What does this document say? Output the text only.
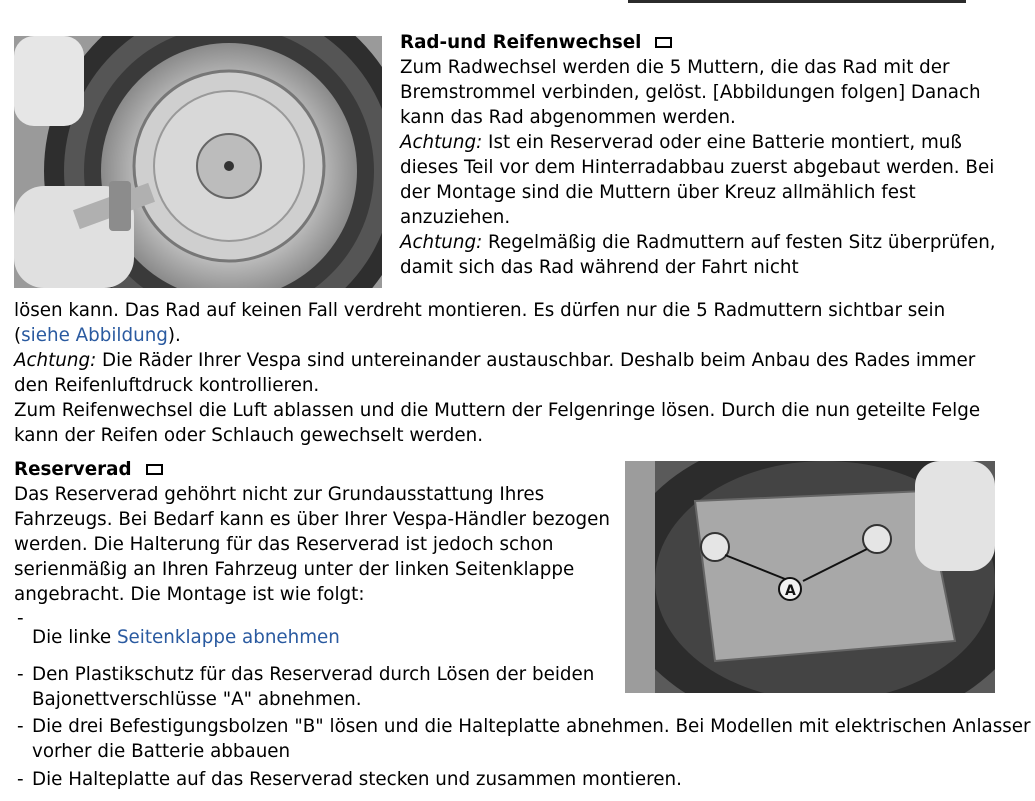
Rad-und Reifenwechsel
Zum Radwechsel werden die 5 Muttern, die das Rad mit der Bremstrommel verbinden, gelöst. [Abbildungen folgen] Danach kann das Rad abgenommen werden.
Achtung: Ist ein Reserverad oder eine Batterie montiert, muß dieses Teil vor dem Hinterradabbau zuerst abgebaut werden. Bei der Montage sind die Muttern über Kreuz allmählich fest anzuziehen.
Achtung: Regelmäßig die Radmuttern auf festen Sitz überprüfen, damit sich das Rad während der Fahrt nicht
lösen kann. Das Rad auf keinen Fall verdreht montieren. Es dürfen nur die 5 Radmuttern sichtbar sein (siehe Abbildung).
Achtung: Die Räder Ihrer Vespa sind untereinander austauschbar. Deshalb beim Anbau des Rades immer den Reifenluftdruck kontrollieren.
Zum Reifenwechsel die Luft ablassen und die Muttern der Felgenringe lösen. Durch die nun geteilte Felge kann der Reifen oder Schlauch gewechselt werden.
A
Reserverad

Das Reserverad gehöhrt nicht zur Grundausstattung Ihres Fahrzeugs. Bei Bedarf kann es über Ihrer Vespa-Händler bezogen werden. Die Halterung für das Reserverad ist jedoch schon serienmäßig an Ihren Fahrzeug unter der linken Seitenklappe angebracht. Die Montage ist wie folgt:
-
Die linke Seitenklappe abnehmen
- Den Plastikschutz für das Reserverad durch Lösen der beiden Bajonettverschlüsse "A" abnehmen.
- Die drei Befestigungsbolzen "B" lösen und die Halteplatte abnehmen. Bei Modellen mit elektrischen Anlasser vorher die Batterie abbauen
- Die Halteplatte auf das Reserverad stecken und zusammen montieren.
